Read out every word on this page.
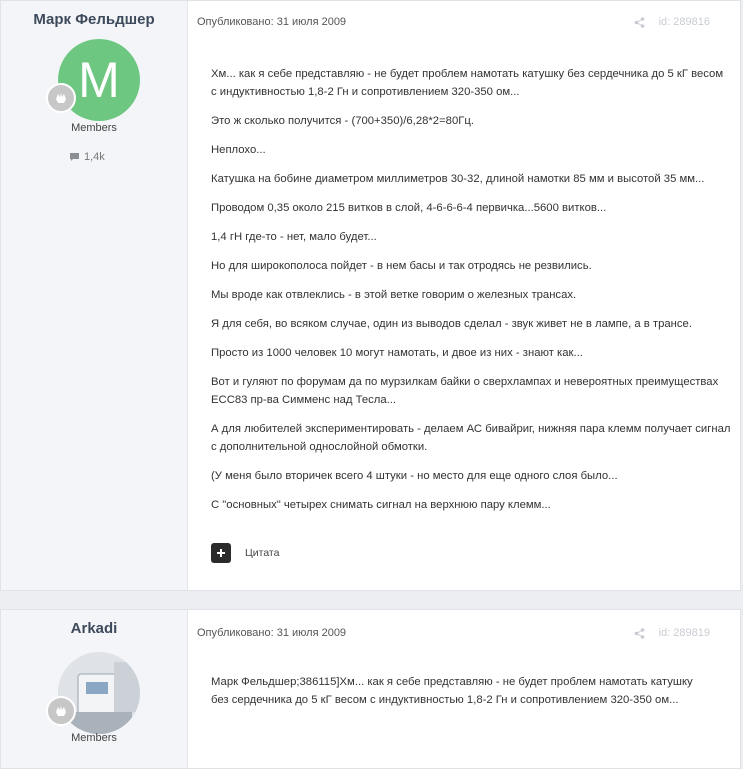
Марк Фельдшер
M
Members
1,4k
Опубликовано: 31 июля 2009	id: 289816

Хм... как я себе представляю - не будет проблем намотать катушку без сердечника до 5 кГ весом с индуктивностью 1,8-2 Гн и сопротивлением 320-350 ом...

Это ж сколько получится - (700+350)/6,28*2=80Гц.

Неплохо...

Катушка на бобине диаметром миллиметров 30-32, длиной намотки 85 мм и высотой 35 мм...

Проводом 0,35 около 215 витков в слой, 4-6-6-6-4 первичка...5600 витков...

1,4 гН где-то - нет, мало будет...

Но для широкополоса пойдет - в нем басы и так отродясь не резвились.

Мы вроде как отвлеклись - в этой ветке говорим о железных трансах.

Я для себя, во всяком случае, один из выводов сделал - звук живет не в лампе, а в трансе.

Просто из 1000 человек 10 могут намотать, и двое из них - знают как...

Вот и гуляют по форумам да по мурзилкам байки о сверхлампах и невероятных преимуществах ECC83 пр-ва Симменс над Тесла...

А для любителей экспериментировать - делаем АС бивайриг, нижняя пара клемм получает сигнал с дополнительной однослойной обмотки.

(У меня было вторичек всего 4 штуки - но место для еще одного слоя было...

С "основных" четырех снимать сигнал на верхнюю пару клемм...

Цитата
Arkadi
Members
Опубликовано: 31 июля 2009	id: 289819

Марк Фельдшер;386115]Хм... как я себе представляю - не будет проблем намотать катушку без сердечника до 5 кГ весом с индуктивностью 1,8-2 Гн и сопротивлением 320-350 ом...
